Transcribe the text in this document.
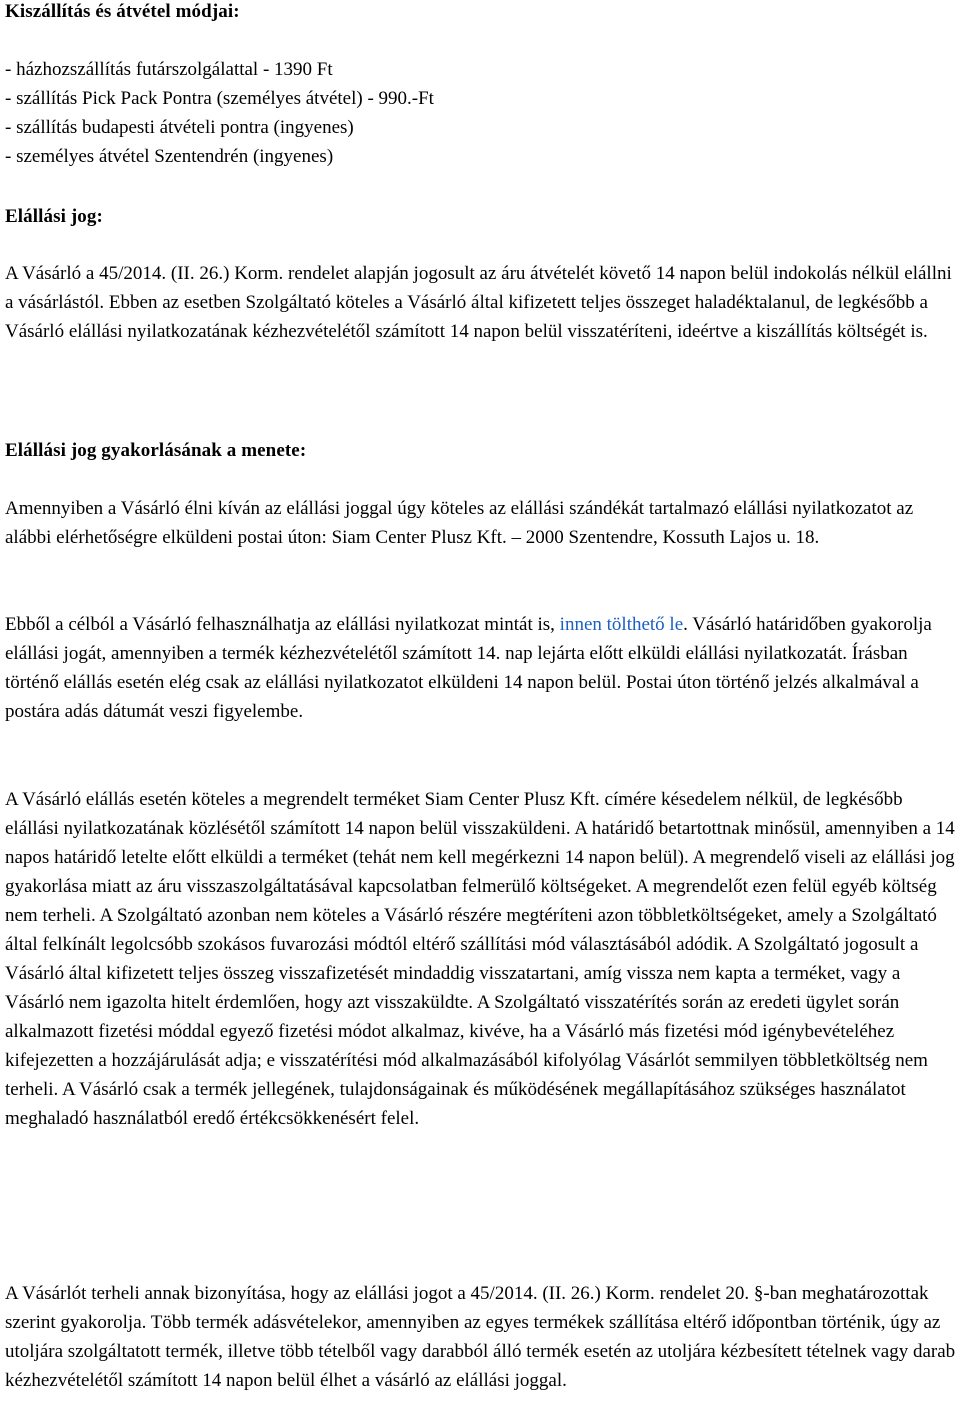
Kiszállítás és átvétel módjai:
- házhozszállítás futárszolgálattal - 1390 Ft
- szállítás Pick Pack Pontra (személyes átvétel) - 990.-Ft
- szállítás budapesti átvételi pontra (ingyenes)
- személyes átvétel Szentendrén (ingyenes)
Elállási jog:

A Vásárló a 45/2014. (II. 26.) Korm. rendelet alapján jogosult az áru átvételét követő 14 napon belül indokolás nélkül elállni a vásárlástól. Ebben az esetben Szolgáltató köteles a Vásárló által kifizetett teljes összeget haladéktalanul, de legkésőbb a Vásárló elállási nyilatkozatának kézhezvételétől számított 14 napon belül visszatéríteni, ideértve a kiszállítás költségét is.

Elállási jog gyakorlásának a menete:

Amennyiben a Vásárló élni kíván az elállási joggal úgy köteles az elállási szándékát tartalmazó elállási nyilatkozatot az alábbi elérhetőségre elküldeni postai úton: Siam Center Plusz Kft. – 2000 Szentendre, Kossuth Lajos u. 18.

Ebből a célból a Vásárló felhasználhatja az elállási nyilatkozat mintát is, innen tölthető le. Vásárló határidőben gyakorolja elállási jogát, amennyiben a termék kézhezvételétől számított 14. nap lejárta előtt elküldi elállási nyilatkozatát. Írásban történő elállás esetén elég csak az elállási nyilatkozatot elküldeni 14 napon belül. Postai úton történő jelzés alkalmával a postára adás dátumát veszi figyelembe.

A Vásárló elállás esetén köteles a megrendelt terméket Siam Center Plusz Kft. címére késedelem nélkül, de legkésőbb elállási nyilatkozatának közlésétől számított 14 napon belül visszaküldeni. A határidő betartottnak minősül, amennyiben a 14 napos határidő letelte előtt elküldi a terméket (tehát nem kell megérkezni 14 napon belül). A megrendelő viseli az elállási jog gyakorlása miatt az áru visszaszolgáltatásával kapcsolatban felmerülő költségeket. A megrendelőt ezen felül egyéb költség nem terheli. A Szolgáltató azonban nem köteles a Vásárló részére megtéríteni azon többletköltségeket, amely a Szolgáltató által felkínált legolcsóbb szokásos fuvarozási módtól eltérő szállítási mód választásából adódik. A Szolgáltató jogosult a Vásárló által kifizetett teljes összeg visszafizetését mindaddig visszatartani, amíg vissza nem kapta a terméket, vagy a Vásárló nem igazolta hitelt érdemlően, hogy azt visszaküldte. A Szolgáltató visszatérítés során az eredeti ügylet során alkalmazott fizetési móddal egyező fizetési módot alkalmaz, kivéve, ha a Vásárló más fizetési mód igénybevételéhez kifejezetten a hozzájárulását adja; e visszatérítési mód alkalmazásából kifolyólag Vásárlót semmilyen többletköltség nem terheli. A Vásárló csak a termék jellegének, tulajdonságainak és működésének megállapításához szükséges használatot meghaladó használatból eredő értékcsökkenésért felel.

A Vásárlót terheli annak bizonyítása, hogy az elállási jogot a 45/2014. (II. 26.) Korm. rendelet 20. §-ban meghatározottak szerint gyakorolja. Több termék adásvételekor, amennyiben az egyes termékek szállítása eltérő időpontban történik, úgy az utoljára szolgáltatott termék, illetve több tételből vagy darabból álló termék esetén az utoljára kézbesített tételnek vagy darab kézhezvételétől számított 14 napon belül élhet a vásárló az elállási joggal.
